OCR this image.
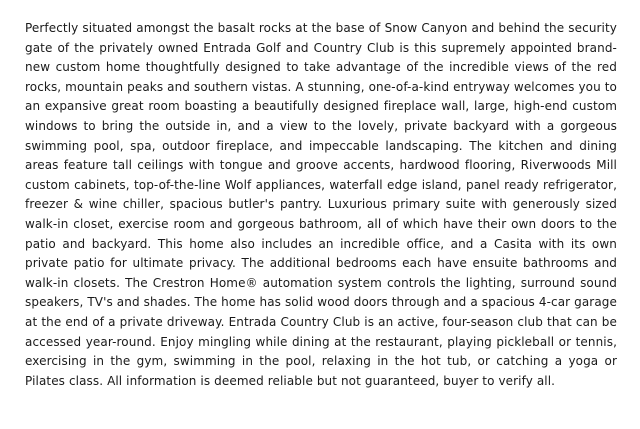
Perfectly situated amongst the basalt rocks at the base of Snow Canyon and behind the security gate of the privately owned Entrada Golf and Country Club is this supremely appointed brand-new custom home thoughtfully designed to take advantage of the incredible views of the red rocks, mountain peaks and southern vistas. A stunning, one-of-a-kind entryway welcomes you to an expansive great room boasting a beautifully designed fireplace wall, large, high-end custom windows to bring the outside in, and a view to the lovely, private backyard with a gorgeous swimming pool, spa, outdoor fireplace, and impeccable landscaping. The kitchen and dining areas feature tall ceilings with tongue and groove accents, hardwood flooring, Riverwoods Mill custom cabinets, top-of-the-line Wolf appliances, waterfall edge island, panel ready refrigerator, freezer & wine chiller, spacious butler's pantry. Luxurious primary suite with generously sized walk-in closet, exercise room and gorgeous bathroom, all of which have their own doors to the patio and backyard. This home also includes an incredible office, and a Casita with its own private patio for ultimate privacy. The additional bedrooms each have ensuite bathrooms and walk-in closets. The Crestron Home® automation system controls the lighting, surround sound speakers, TV's and shades. The home has solid wood doors through and a spacious 4-car garage at the end of a private driveway. Entrada Country Club is an active, four-season club that can be accessed year-round. Enjoy mingling while dining at the restaurant, playing pickleball or tennis, exercising in the gym, swimming in the pool, relaxing in the hot tub, or catching a yoga or Pilates class. All information is deemed reliable but not guaranteed, buyer to verify all.
